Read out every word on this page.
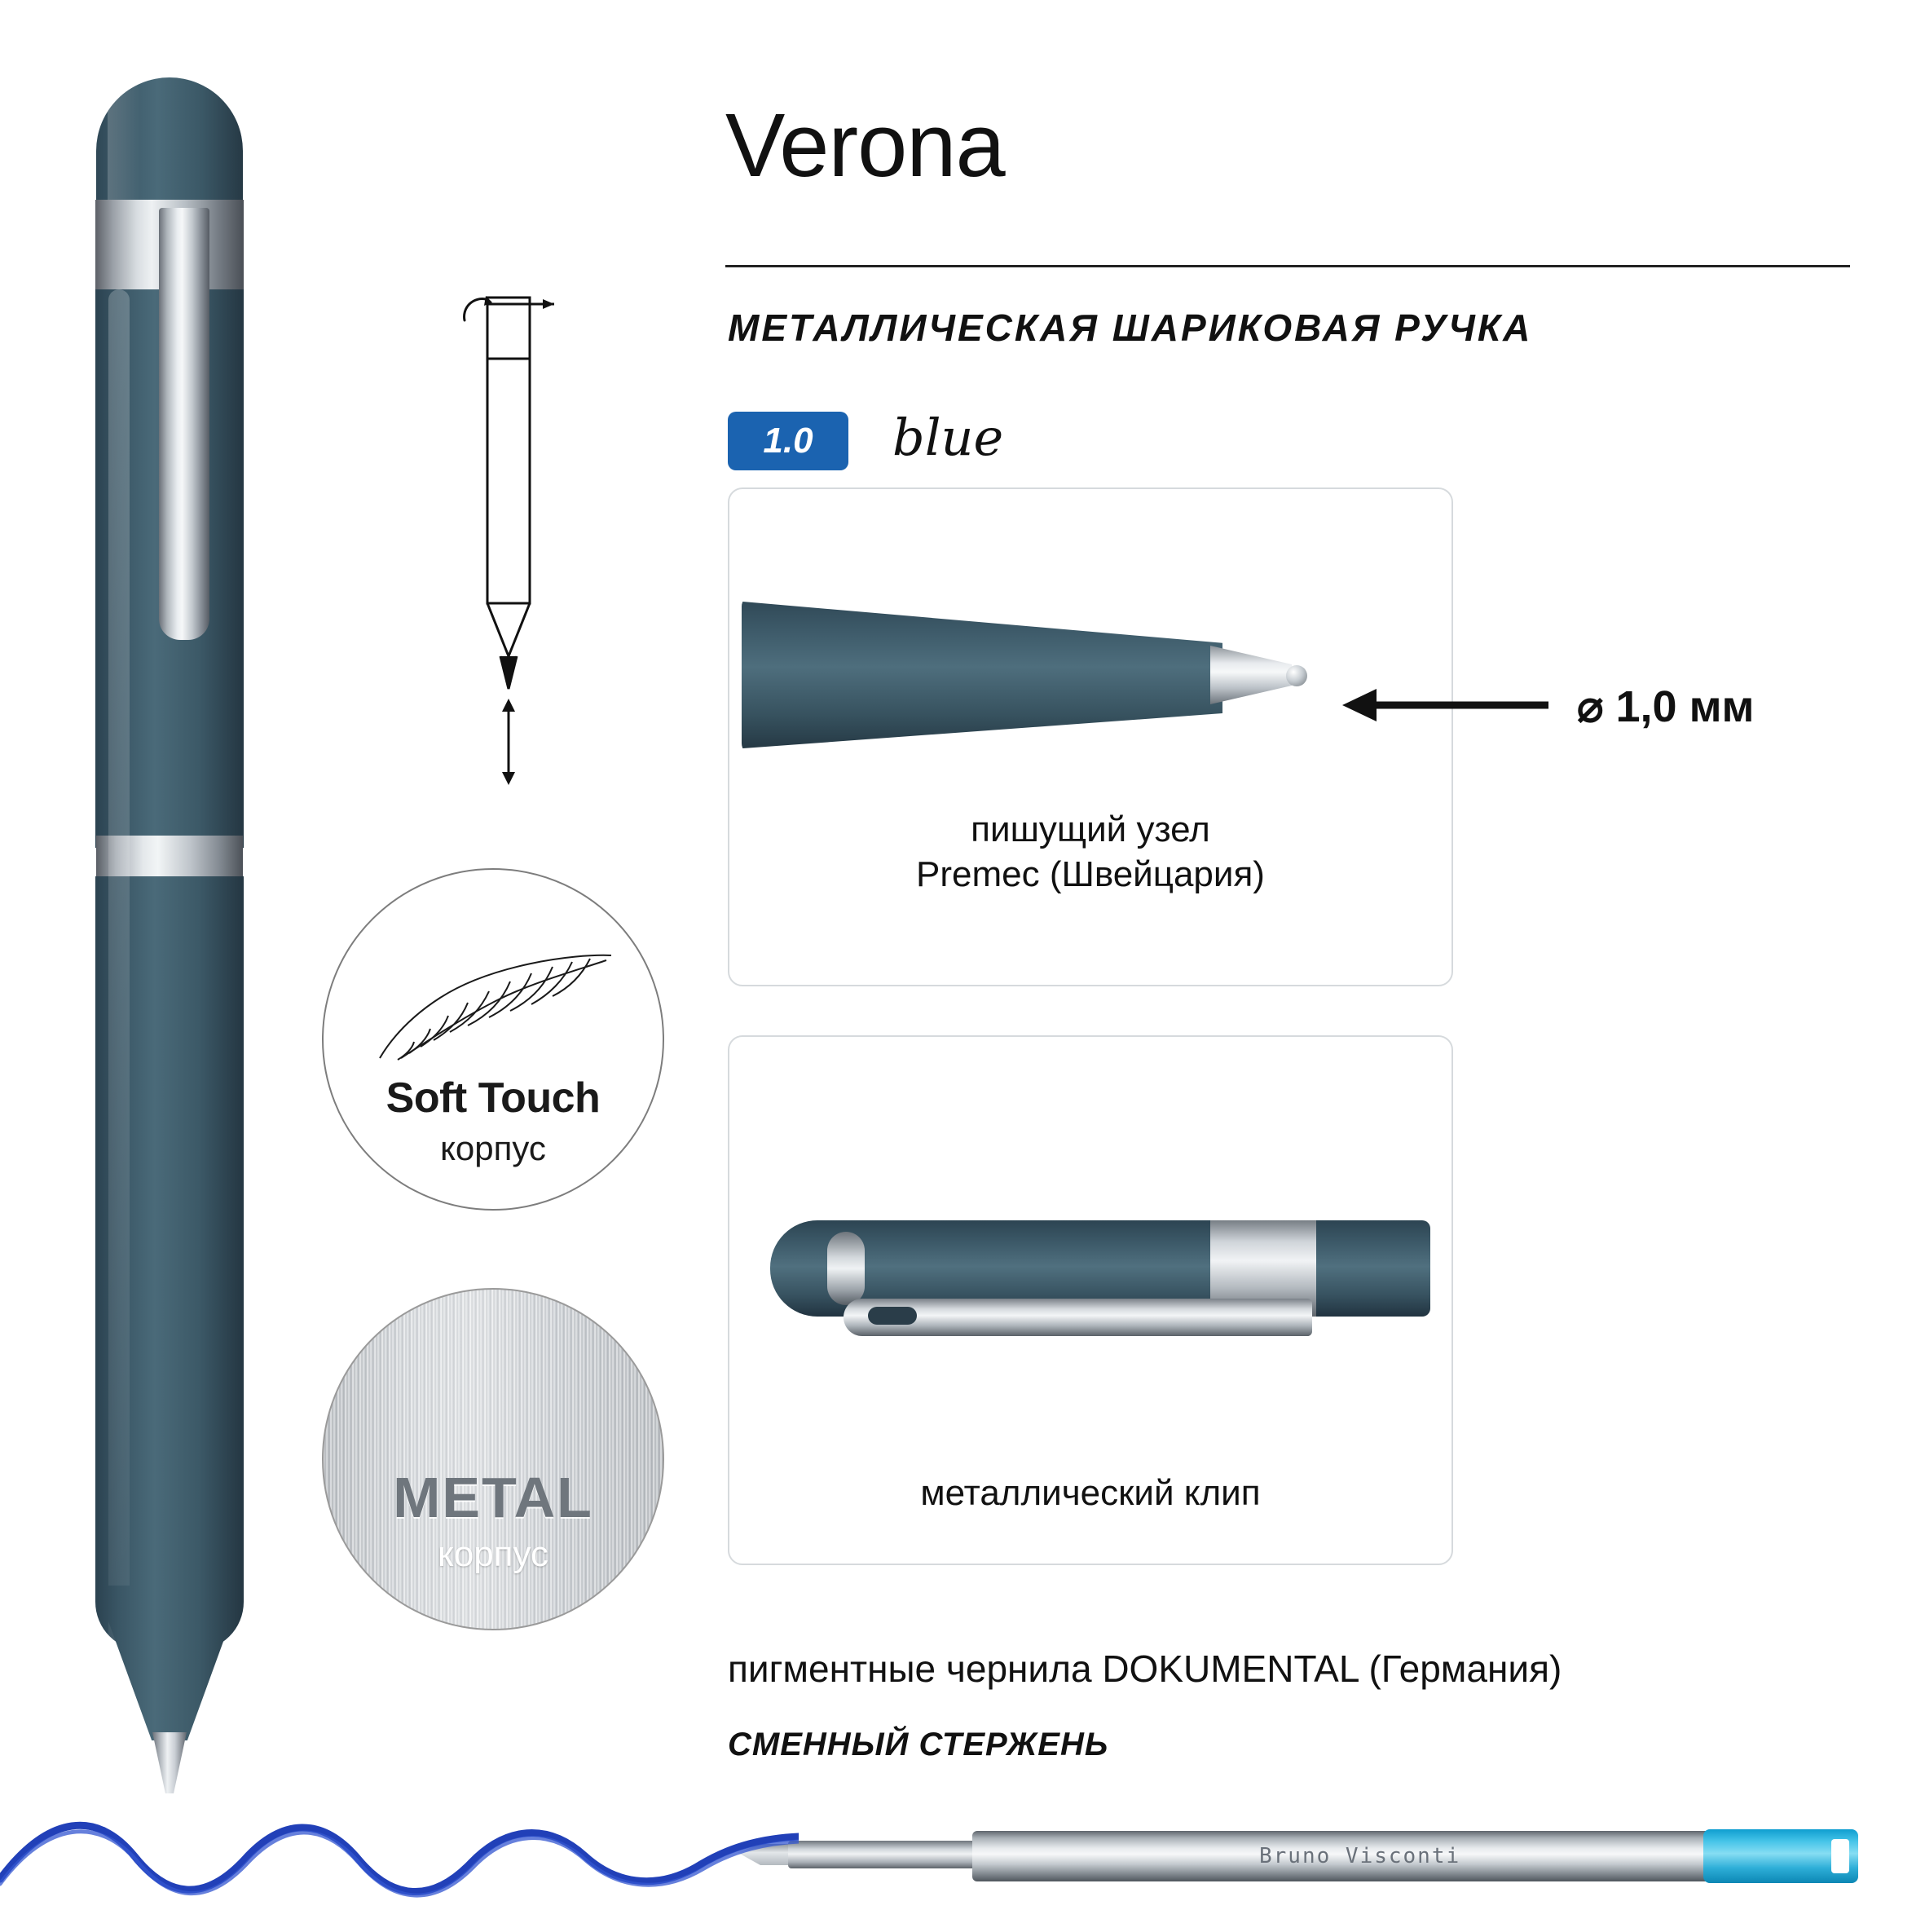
Soft Touch
корпус
METAL
корпус
Verona
МЕТАЛЛИЧЕСКАЯ ШАРИКОВАЯ РУЧКА
1.0	blue
пишущий узел
Premec (Швейцария)
⌀ 1,0 мм
металлический клип
пигментные чернила DOKUMENTAL (Германия)
СМЕННЫЙ СТЕРЖЕНЬ
Bruno Visconti
